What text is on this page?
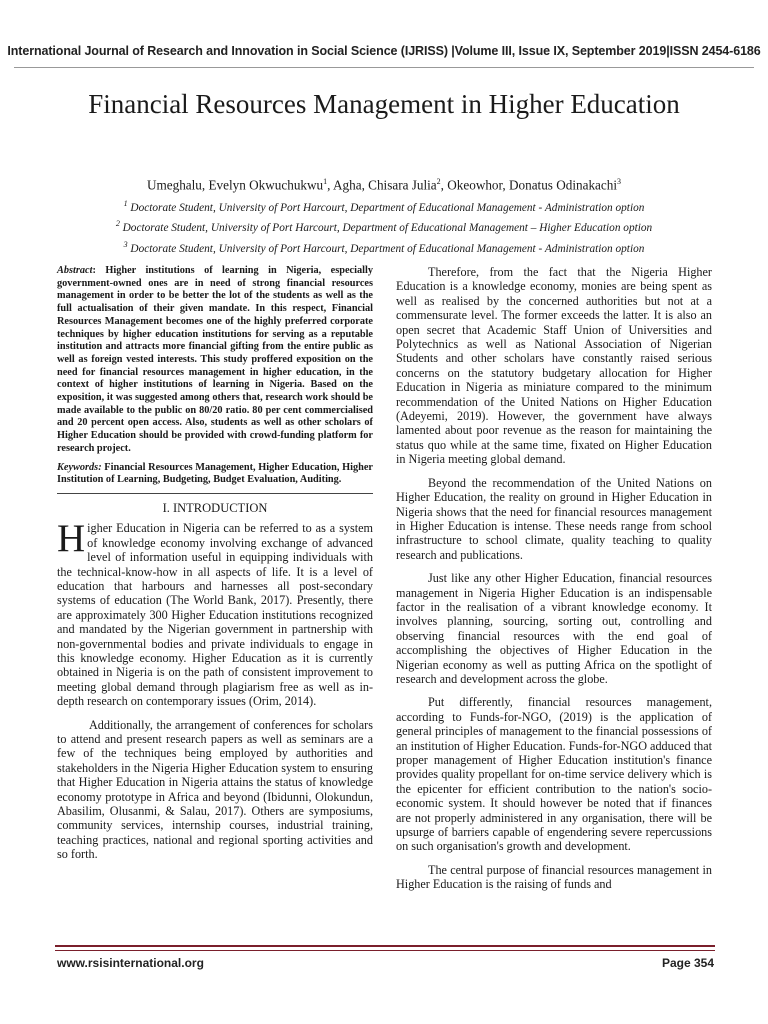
International Journal of Research and Innovation in Social Science (IJRISS) |Volume III, Issue IX, September 2019|ISSN 2454-6186
Financial Resources Management in Higher Education
Umeghalu, Evelyn Okwuchukwu$^1$, Agha, Chisara Julia$^2$, Okeowhor, Donatus Odinakachi$^3$
$^1$ Doctorate Student, University of Port Harcourt, Department of Educational Management - Administration option
$^2$ Doctorate Student, University of Port Harcourt, Department of Educational Management – Higher Education option
$^3$ Doctorate Student, University of Port Harcourt, Department of Educational Management - Administration option
Abstract: Higher institutions of learning in Nigeria, especially government-owned ones are in need of strong financial resources management in order to be better the lot of the students as well as the full actualisation of their given mandate. In this respect, Financial Resources Management becomes one of the highly preferred corporate techniques by higher education institutions for serving as a reputable institution and attracts more financial gifting from the entire public as well as foreign vested interests. This study proffered exposition on the need for financial resources management in higher education, in the context of higher institutions of learning in Nigeria. Based on the exposition, it was suggested among others that, research work should be made available to the public on 80/20 ratio. 80 per cent commercialised and 20 percent open access. Also, students as well as other scholars of Higher Education should be provided with crowd-funding platform for research project.
Keywords: Financial Resources Management, Higher Education, Higher Institution of Learning, Budgeting, Budget Evaluation, Auditing.
I. INTRODUCTION

Higher Education in Nigeria can be referred to as a system of knowledge economy involving exchange of advanced level of information useful in equipping individuals with the technical-know-how in all aspects of life. It is a level of education that harbours and harnesses all post-secondary systems of education (The World Bank, 2017). Presently, there are approximately 300 Higher Education institutions recognized and mandated by the Nigerian government in partnership with non-governmental bodies and private individuals to engage in this knowledge economy. Higher Education as it is currently obtained in Nigeria is on the path of consistent improvement to meeting global demand through plagiarism free as well as in-depth research on contemporary issues (Orim, 2014).

Additionally, the arrangement of conferences for scholars to attend and present research papers as well as seminars are a few of the techniques being employed by authorities and stakeholders in the Nigeria Higher Education system to ensuring that Higher Education in Nigeria attains the status of knowledge economy prototype in Africa and beyond (Ibidunni, Olokundun, Abasilim, Olusanmi, & Salau, 2017). Others are symposiums, community services, internship courses, industrial training, teaching practices, national and regional sporting activities and so forth.

Therefore, from the fact that the Nigeria Higher Education is a knowledge economy, monies are being spent as well as realised by the concerned authorities but not at a commensurate level. The former exceeds the latter. It is also an open secret that Academic Staff Union of Universities and Polytechnics as well as National Association of Nigerian Students and other scholars have constantly raised serious concerns on the statutory budgetary allocation for Higher Education in Nigeria as miniature compared to the minimum recommendation of the United Nations on Higher Education (Adeyemi, 2019). However, the government have always lamented about poor revenue as the reason for maintaining the status quo while at the same time, fixated on Higher Education in Nigeria meeting global demand.

Beyond the recommendation of the United Nations on Higher Education, the reality on ground in Higher Education in Nigeria shows that the need for financial resources management in Higher Education is intense. These needs range from school infrastructure to school climate, quality teaching to quality research and publications.

Just like any other Higher Education, financial resources management in Nigeria Higher Education is an indispensable factor in the realisation of a vibrant knowledge economy. It involves planning, sourcing, sorting out, controlling and observing financial resources with the end goal of accomplishing the objectives of Higher Education in the Nigerian economy as well as putting Africa on the spotlight of research and development across the globe.

Put differently, financial resources management, according to Funds-for-NGO, (2019) is the application of general principles of management to the financial possessions of an institution of Higher Education. Funds-for-NGO adduced that proper management of Higher Education institution's finance provides quality propellant for on-time service delivery which is the epicenter for efficient contribution to the nation's socio-economic system. It should however be noted that if finances are not properly administered in any organisation, there will be upsurge of barriers capable of engendering severe repercussions on such organisation's growth and development.

The central purpose of financial resources management in Higher Education is the raising of funds and

www.rsisinternational.org	Page 354
